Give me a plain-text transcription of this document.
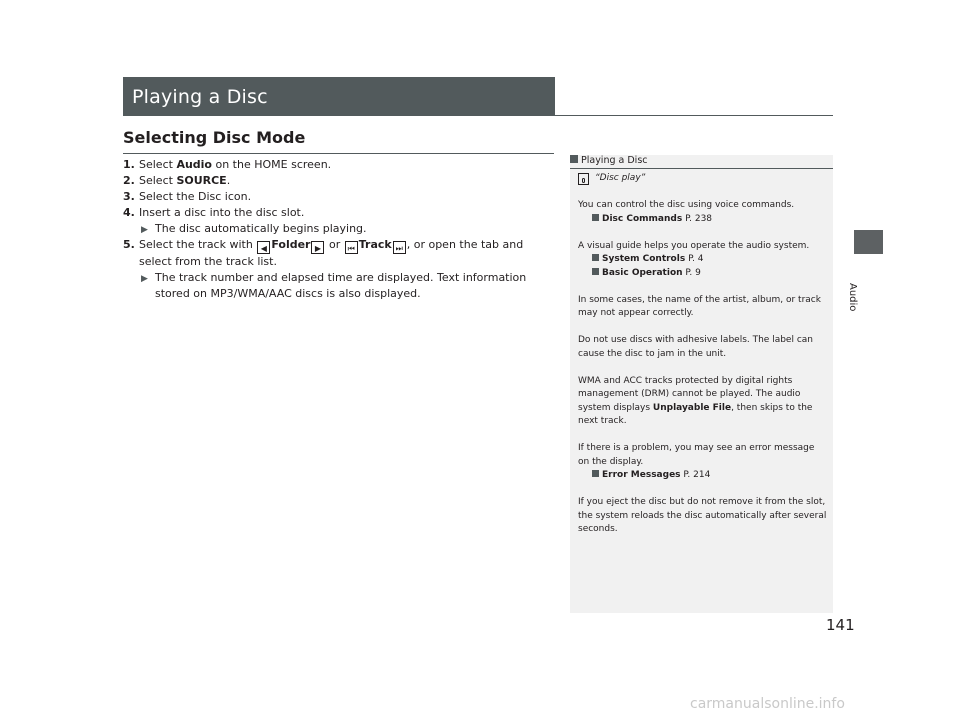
Playing a Disc
Audio
Selecting Disc Mode
1. Select Audio on the HOME screen.
2. Select SOURCE.
3. Select the Disc icon.
4. Insert a disc into the disc slot.
▶ The disc automatically begins playing.
5. Select the track with ◀ Folder ▶ or ⏮ Track ⏭ , or open the tab and select from the track list.
▶ The track number and elapsed time are displayed. Text information stored on MP3/WMA/AAC discs is also displayed.
Playing a Disc

“Disc play”

You can control the disc using voice commands.

Disc Commands P. 238

A visual guide helps you operate the audio system.
System Controls P. 4

Basic Operation P. 9

In some cases, the name of the artist, album, or track may not appear correctly.

Do not use discs with adhesive labels. The label can cause the disc to jam in the unit.

WMA and ACC tracks protected by digital rights management (DRM) cannot be played. The audio system displays Unplayable File, then skips to the next track.

If there is a problem, you may see an error message on the display.

Error Messages P. 214

If you eject the disc but do not remove it from the slot, the system reloads the disc automatically after several seconds.

141
carmanualsonline.info
